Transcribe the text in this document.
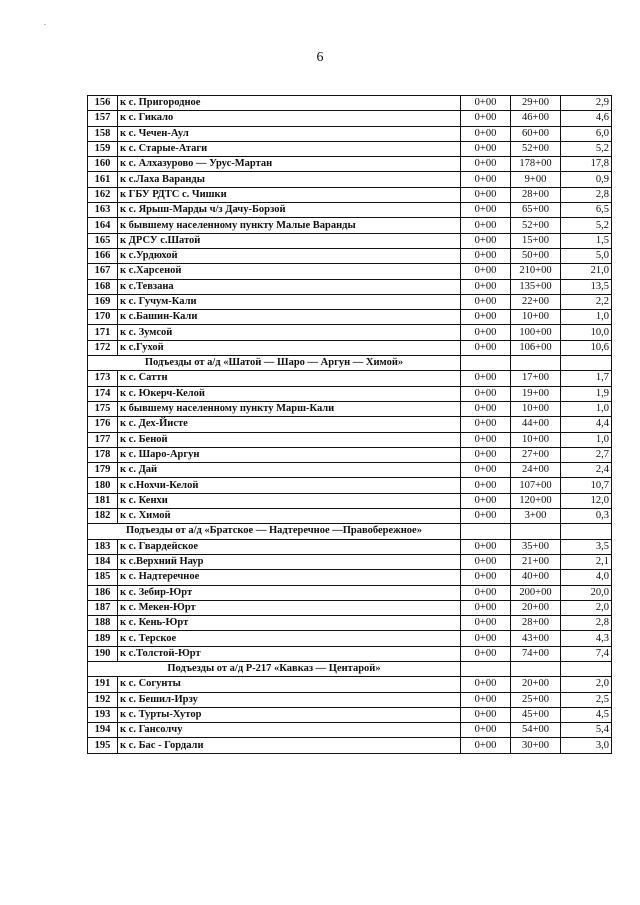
.
6
156	к с. Пригородное	0+00	29+00	2,9
157	к с. Гикало	0+00	46+00	4,6
158	к с. Чечен-Аул	0+00	60+00	6,0
159	к с. Старые-Атаги	0+00	52+00	5,2
160	к с. Алхазурово — Урус-Мартан	0+00	178+00	17,8
161	к с.Лаха Варанды	0+00	9+00	0,9
162	к ГБУ РДТС с. Чишки	0+00	28+00	2,8
163	к с. Ярыш-Марды ч/з Дачу-Борзой	0+00	65+00	6,5
164	к бывшему населенному пункту Малые Варанды	0+00	52+00	5,2
165	к ДРСУ с.Шатой	0+00	15+00	1,5
166	к с.Урдюхой	0+00	50+00	5,0
167	к с.Харсеной	0+00	210+00	21,0
168	к с.Тевзана	0+00	135+00	13,5
169	к с. Гучум-Кали	0+00	22+00	2,2
170	к с.Башин-Кали	0+00	10+00	1,0
171	к с. Зумсой	0+00	100+00	10,0
172	к с.Гухой	0+00	106+00	10,6
Подъезды от а/д «Шатой — Шаро — Аргун — Химой»				
173	к с. Саттн	0+00	17+00	1,7
174	к с. Юкерч-Келой	0+00	19+00	1,9
175	к бывшему населенному пункту Марш-Кали	0+00	10+00	1,0
176	к с. Дех-Йисте	0+00	44+00	4,4
177	к с. Беной	0+00	10+00	1,0
178	к с. Шаро-Аргун	0+00	27+00	2,7
179	к с. Дай	0+00	24+00	2,4
180	к с.Нохчи-Келой	0+00	107+00	10,7
181	к с. Кенхи	0+00	120+00	12,0
182	к с. Химой	0+00	3+00	0,3
Подъезды от а/д «Братское — Надтеречное —Правобережное»				
183	к с. Гвардейское	0+00	35+00	3,5
184	к с.Верхний Наур	0+00	21+00	2,1
185	к с. Надтеречное	0+00	40+00	4,0
186	к с. Зебир-Юрт	0+00	200+00	20,0
187	к с. Мекен-Юрт	0+00	20+00	2,0
188	к с. Кень-Юрт	0+00	28+00	2,8
189	к с. Терское	0+00	43+00	4,3
190	к с.Толстой-Юрт	0+00	74+00	7,4
Подъезды от а/д Р-217 «Кавказ — Центарой»				
191	к с. Согунты	0+00	20+00	2,0
192	к с. Бешил-Ирзу	0+00	25+00	2,5
193	к с. Турты-Хутор	0+00	45+00	4,5
194	к с. Гансолчу	0+00	54+00	5,4
195	к с. Бас - Гордали	0+00	30+00	3,0
